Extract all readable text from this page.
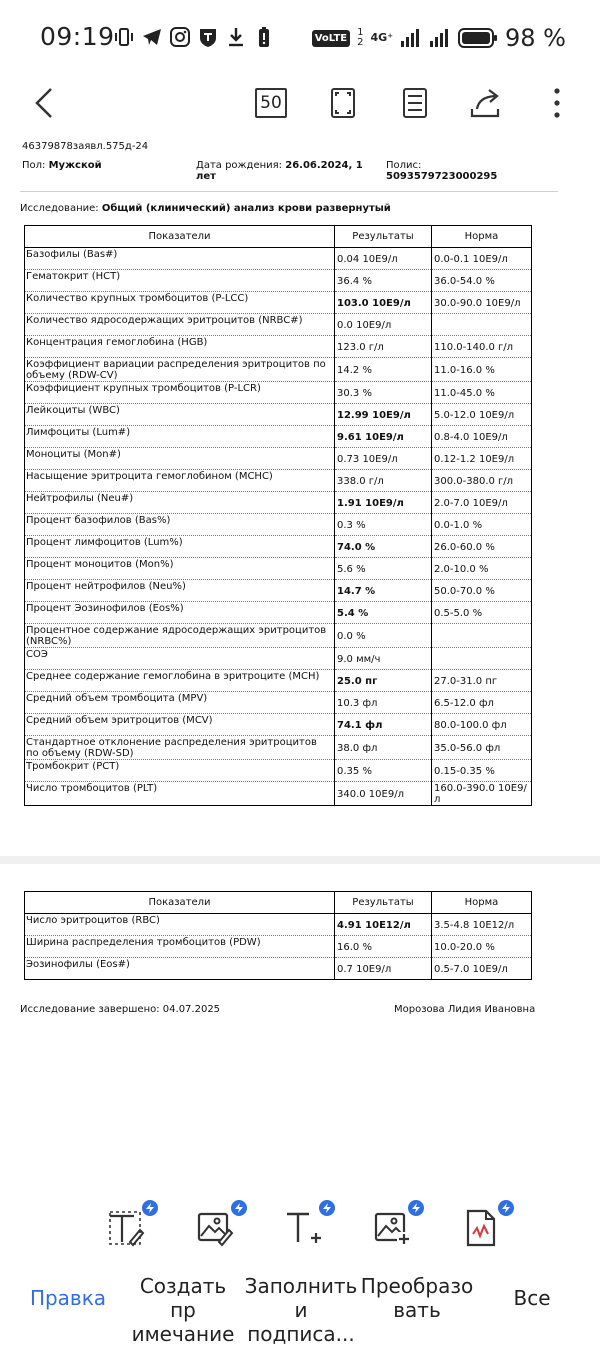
09:19	VoLTE	1
2 4G⁺	98 %
50
46379878заявл.575д-24
Пол: Мужской	Дата рождения: 26.06.2024, 1
лет
Полис:
5093579723000295
Исследование: Общий (клинический) анализ крови развернутый
Показатели	Результаты	Норма
Базофилы (Bas#)	0.04 10Е9/л	0.0-0.1 10Е9/л
Гематокрит (HCT)	36.4 %	36.0-54.0 %
Количество крупных тромбоцитов (P-LCC)	103.0 10Е9/л	30.0-90.0 10Е9/л
Количество ядросодержащих эритроцитов (NRBC#)	0.0 10Е9/л	
Концентрация гемоглобина (HGB)	123.0 г/л	110.0-140.0 г/л
Коэффициент вариации распределения эритроцитов по объему (RDW-CV)	14.2 %	11.0-16.0 %
Коэффициент крупных тромбоцитов (P-LCR)	30.3 %	11.0-45.0 %
Лейкоциты (WBC)	12.99 10Е9/л	5.0-12.0 10Е9/л
Лимфоциты (Lum#)	9.61 10Е9/л	0.8-4.0 10Е9/л
Моноциты (Mon#)	0.73 10Е9/л	0.12-1.2 10Е9/л
Насыщение эритроцита гемоглобином (MCHC)	338.0 г/л	300.0-380.0 г/л
Нейтрофилы (Neu#)	1.91 10Е9/л	2.0-7.0 10Е9/л
Процент базофилов (Bas%)	0.3 %	0.0-1.0 %
Процент лимфоцитов (Lum%)	74.0 %	26.0-60.0 %
Процент моноцитов (Mon%)	5.6 %	2.0-10.0 %
Процент нейтрофилов (Neu%)	14.7 %	50.0-70.0 %
Процент Эозинофилов (Eos%)	5.4 %	0.5-5.0 %
Процентное содержание ядросодержащих эритроцитов (NRBC%)	0.0 %	
СОЭ	9.0 мм/ч	
Среднее содержание гемоглобина в эритроците (MCH)	25.0 пг	27.0-31.0 пг
Средний объем тромбоцита (MPV)	10.3 фл	6.5-12.0 фл
Средний объем эритроцитов (MCV)	74.1 фл	80.0-100.0 фл
Стандартное отклонение распределения эритроцитов по объему (RDW-SD)	38.0 фл	35.0-56.0 фл
Тромбокрит (PCT)	0.35 %	0.15-0.35 %
Число тромбоцитов (PLT)	340.0 10Е9/л	160.0-390.0 10Е9/л
Показатели	Результаты	Норма
Число эритроцитов (RBC)	4.91 10Е12/л	3.5-4.8 10Е12/л
Ширина распределения тромбоцитов (PDW)	16.0 %	10.0-20.0 %
Эозинофилы (Eos#)	0.7 10Е9/л	0.5-7.0 10Е9/л
Исследование завершено: 04.07.2025	Морозова Лидия Ивановна
Правка	Создать пр
имечание
Заполнить
и подписа...
Преобразо
вать	Все
